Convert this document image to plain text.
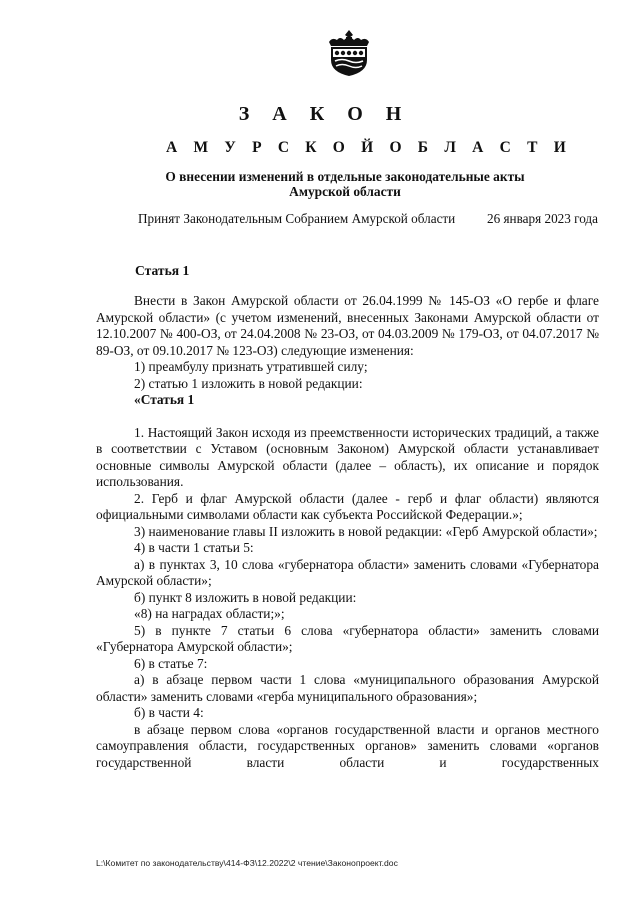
З А К О Н
А М У Р С К О Й О Б Л А С Т И
О внесении изменений в отдельные законодательные акты
Амурской области
Принят Законодательным Собранием Амурской области 26 января 2023 года
Статья 1

Внести в Закон Амурской области от 26.04.1999 № 145-ОЗ «О гербе и флаге Амурской области» (с учетом изменений, внесенных Законами Амурской области от 12.10.2007 № 400-ОЗ, от 24.04.2008 № 23-ОЗ, от 04.03.2009 № 179-ОЗ, от 04.07.2017 № 89-ОЗ, от 09.10.2017 № 123-ОЗ) следующие изменения:

1) преамбулу признать утратившей силу;

2) статью 1 изложить в новой редакции:

«Статья 1

1. Настоящий Закон исходя из преемственности исторических традиций, а также в соответствии с Уставом (основным Законом) Амурской области устанавливает основные символы Амурской области (далее – область), их описание и порядок использования.

2. Герб и флаг Амурской области (далее - герб и флаг области) являются официальными символами области как субъекта Российской Федерации.»;

3) наименование главы II изложить в новой редакции: «Герб Амурской области»;

4) в части 1 статьи 5:

а) в пунктах 3, 10 слова «губернатора области» заменить словами «Губернатора Амурской области»;

б) пункт 8 изложить в новой редакции:

«8) на наградах области;»;

5) в пункте 7 статьи 6 слова «губернатора области» заменить словами «Губернатора Амурской области»;

6) в статье 7:

а) в абзаце первом части 1 слова «муниципального образования Амурской области» заменить словами «герба муниципального образования»;

б) в части 4:

в абзаце первом слова «органов государственной власти и органов местного самоуправления области, государственных органов» заменить словами «органов государственной власти области и государственных

L:\Комитет по законодательству\414-ФЗ\12.2022\2 чтение\Законопроект.doc
